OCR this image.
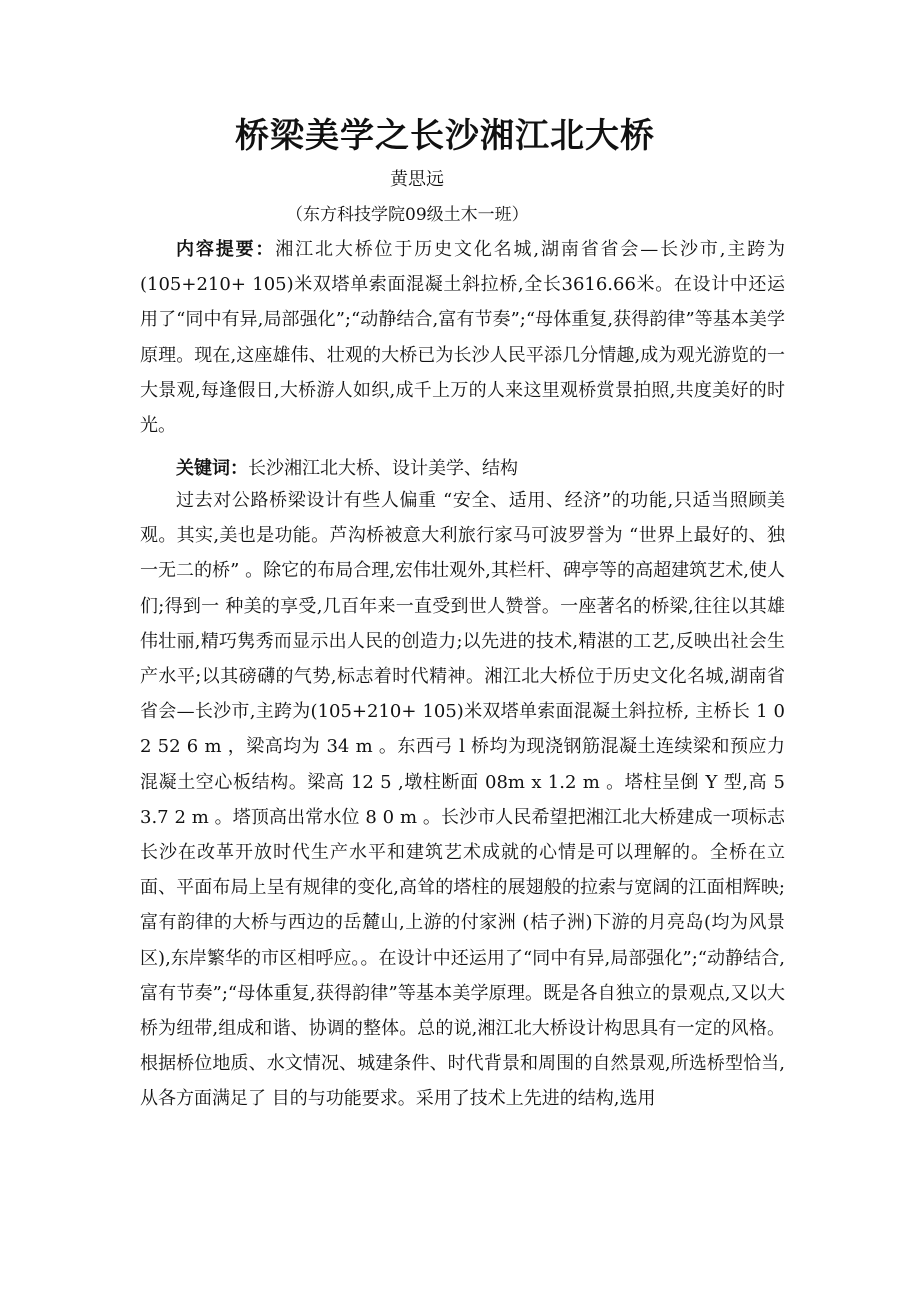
桥梁美学之长沙湘江北大桥
黄思远
（东方科技学院09级土木一班）
内容提要：湘江北大桥位于历史文化名城,湖南省省会—长沙市,主跨为(105+210+ 105)米双塔单索面混凝土斜拉桥,全长3616.66米。在设计中还运用了“同中有异,局部强化”;“动静结合,富有节奏”;“母体重复,获得韵律”等基本美学原理。现在,这座雄伟、壮观的大桥已为长沙人民平添几分情趣,成为观光游览的一大景观,每逢假日,大桥游人如织,成千上万的人来这里观桥赏景拍照,共度美好的时光。
关键词：长沙湘江北大桥、设计美学、结构
过去对公路桥梁设计有些人偏重 “安全、适用、经济”的功能,只适当照顾美观。其实,美也是功能。芦沟桥被意大利旅行家马可波罗誉为 “世界上最好的、独一无二的桥” 。除它的布局合理,宏伟壮观外,其栏杆、碑亭等的高超建筑艺术,使人们;得到一 种美的享受,几百年来一直受到世人赞誉。一座著名的桥梁,往往以其雄伟壮丽,精巧隽秀而显示出人民的创造力;以先进的技术,精湛的工艺,反映出社会生产水平;以其磅礴的气势,标志着时代精神。湘江北大桥位于历史文化名城,湖南省省会—长沙市,主跨为(105+210+ 105)米双塔单索面混凝土斜拉桥, 主桥长 1 0 2 52 6 m ，梁高均为 34 m 。东西弓 l 桥均为现浇钢筋混凝土连续梁和预应力混凝土空心板结构。梁高 12 5 ,墩柱断面 08m x 1.2 m 。塔柱呈倒 Y 型,高 5 3.7 2 m 。塔顶高出常水位 8 0 m 。长沙市人民希望把湘江北大桥建成一项标志长沙在改革开放时代生产水平和建筑艺术成就的心情是可以理解的。全桥在立面、平面布局上呈有规律的变化,高耸的塔柱的展翅般的拉索与宽阔的江面相辉映;富有韵律的大桥与西边的岳麓山,上游的付家洲 (桔子洲)下游的月亮岛(均为风景区),东岸繁华的市区相呼应。。在设计中还运用了“同中有异,局部强化”;“动静结合,富有节奏”;“母体重复,获得韵律”等基本美学原理。既是各自独立的景观点,又以大桥为纽带,组成和谐、协调的整体。总的说,湘江北大桥设计构思具有一定的风格。根据桥位地质、水文情况、城建条件、时代背景和周围的自然景观,所选桥型恰当,从各方面满足了 目的与功能要求。采用了技术上先进的结构,选用
